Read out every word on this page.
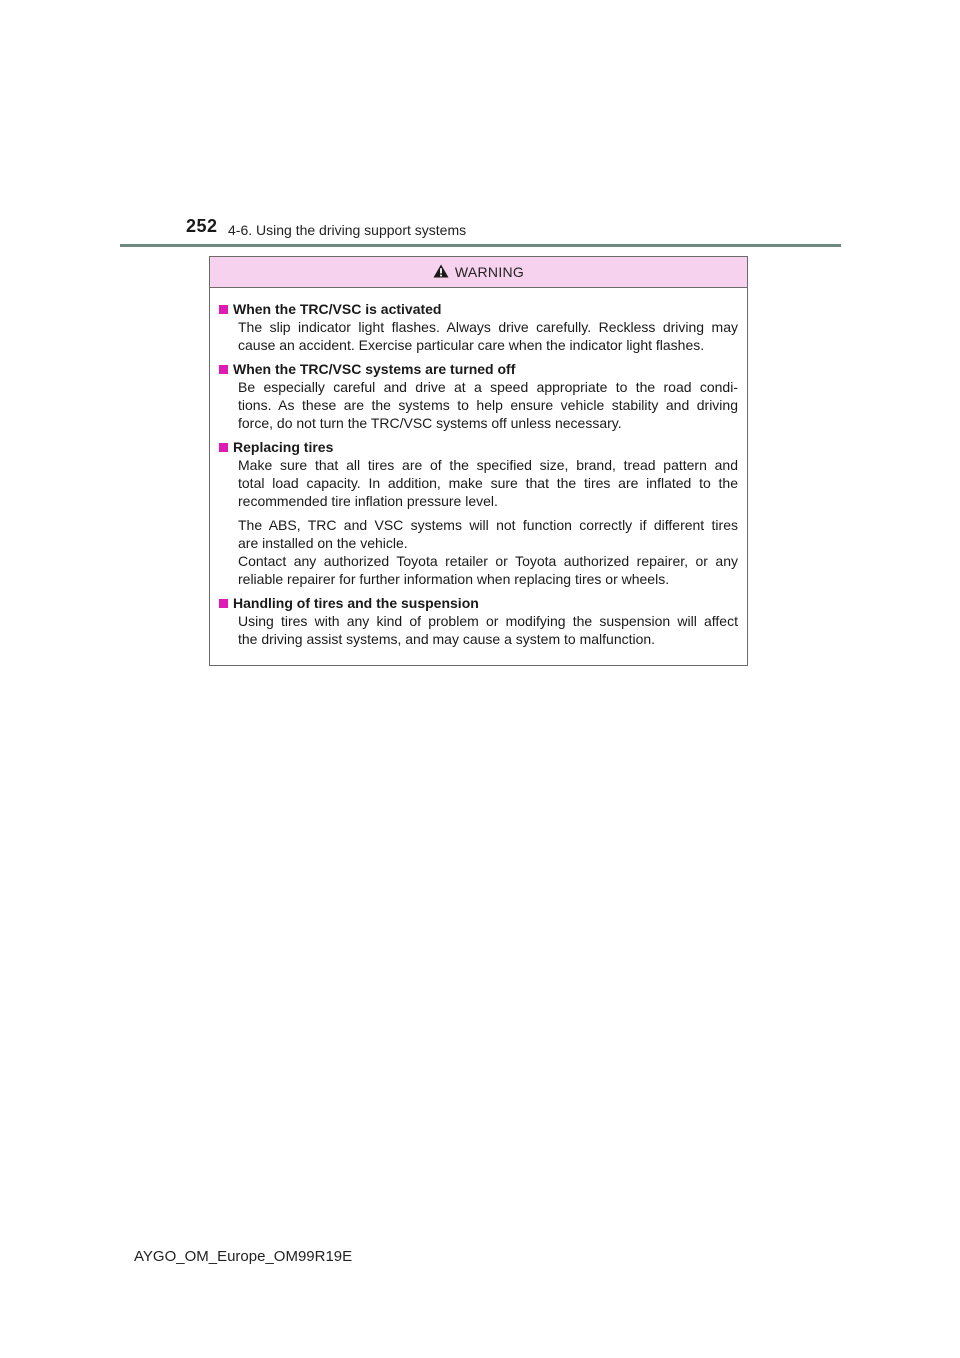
252 4-6. Using the driving support systems
WARNING
When the TRC/VSC is activated
The slip indicator light flashes. Always drive carefully. Reckless driving may
cause an accident. Exercise particular care when the indicator light flashes.
When the TRC/VSC systems are turned off
Be especially careful and drive at a speed appropriate to the road condi-
tions. As these are the systems to help ensure vehicle stability and driving
force, do not turn the TRC/VSC systems off unless necessary.
Replacing tires
Make sure that all tires are of the specified size, brand, tread pattern and
total load capacity. In addition, make sure that the tires are inflated to the
recommended tire inflation pressure level.
The ABS, TRC and VSC systems will not function correctly if different tires
are installed on the vehicle.
Contact any authorized Toyota retailer or Toyota authorized repairer, or any
reliable repairer for further information when replacing tires or wheels.
Handling of tires and the suspension
Using tires with any kind of problem or modifying the suspension will affect
the driving assist systems, and may cause a system to malfunction.
AYGO_OM_Europe_OM99R19E
